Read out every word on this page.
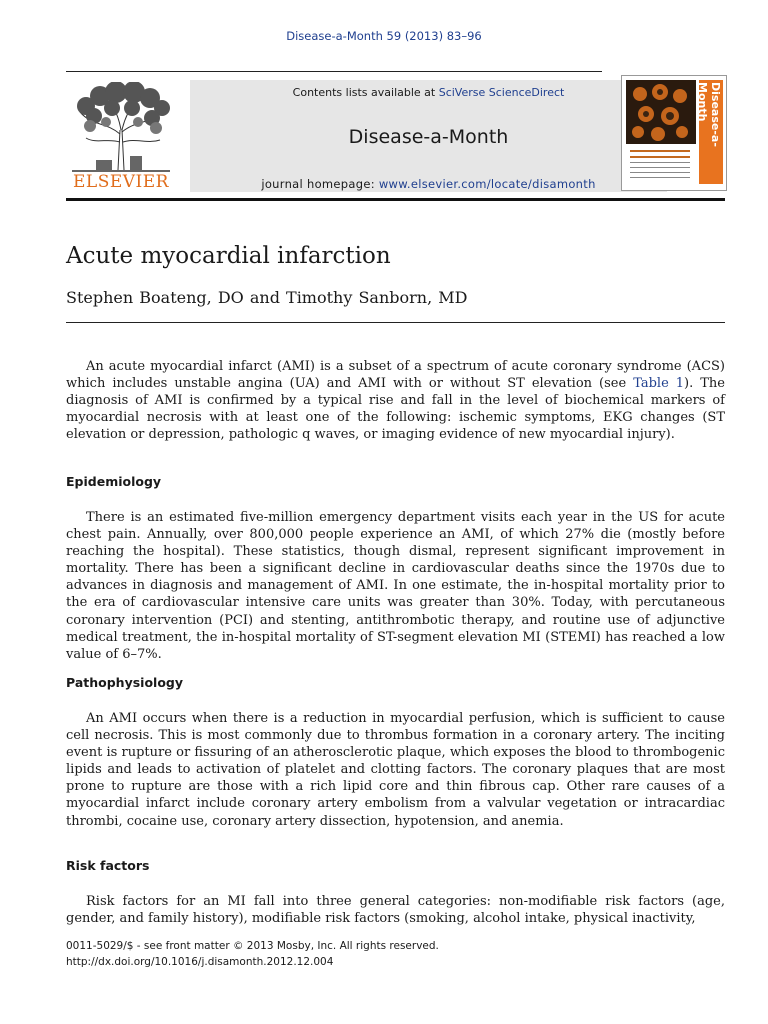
Disease-a-Month 59 (2013) 83–96
ELSEVIER
Contents lists available at SciVerse ScienceDirect
Disease-a-Month
journal homepage: www.elsevier.com/locate/disamonth
Disease-a-Month
Acute myocardial infarction
Stephen Boateng, DO and Timothy Sanborn, MD

An acute myocardial infarct (AMI) is a subset of a spectrum of acute coronary syndrome (ACS) which includes unstable angina (UA) and AMI with or without ST elevation (see Table 1). The diagnosis of AMI is confirmed by a typical rise and fall in the level of biochemical markers of myocardial necrosis with at least one of the following: ischemic symptoms, EKG changes (ST elevation or depression, pathologic q waves, or imaging evidence of new myocardial injury).

Epidemiology

There is an estimated five-million emergency department visits each year in the US for acute chest pain. Annually, over 800,000 people experience an AMI, of which 27% die (mostly before reaching the hospital). These statistics, though dismal, represent significant improvement in mortality. There has been a significant decline in cardiovascular deaths since the 1970s due to advances in diagnosis and management of AMI. In one estimate, the in-hospital mortality prior to the era of cardiovascular intensive care units was greater than 30%. Today, with percutaneous coronary intervention (PCI) and stenting, antithrombotic therapy, and routine use of adjunctive medical treatment, the in-hospital mortality of ST-segment elevation MI (STEMI) has reached a low value of 6–7%.

Pathophysiology

An AMI occurs when there is a reduction in myocardial perfusion, which is sufficient to cause cell necrosis. This is most commonly due to thrombus formation in a coronary artery. The inciting event is rupture or fissuring of an atherosclerotic plaque, which exposes the blood to thrombogenic lipids and leads to activation of platelet and clotting factors. The coronary plaques that are most prone to rupture are those with a rich lipid core and thin fibrous cap. Other rare causes of a myocardial infarct include coronary artery embolism from a valvular vegetation or intracardiac thrombi, cocaine use, coronary artery dissection, hypotension, and anemia.

Risk factors

Risk factors for an MI fall into three general categories: non-modifiable risk factors (age, gender, and family history), modifiable risk factors (smoking, alcohol intake, physical inactivity,

0011-5029/$ - see front matter © 2013 Mosby, Inc. All rights reserved.
http://dx.doi.org/10.1016/j.disamonth.2012.12.004
